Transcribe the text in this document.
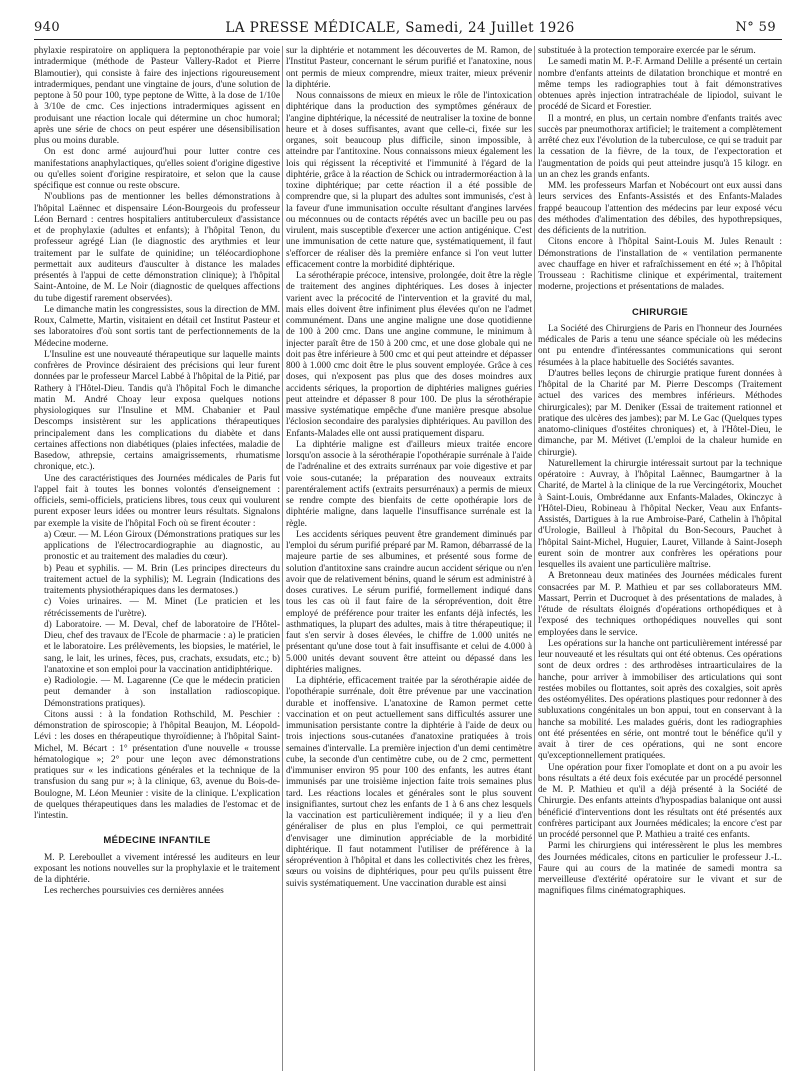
940	LA PRESSE MÉDICALE, Samedi, 24 Juillet 1926	N° 59

phylaxie respiratoire on appliquera la peptonothérapie par voie intradermique (méthode de Pasteur Vallery-Radot et Pierre Blamoutier), qui consiste à faire des injections rigoureusement intradermiques, pendant une vingtaine de jours, d'une solution de peptone à 50 pour 100, type peptone de Witte, à la dose de 1/10e à 3/10e de cmc. Ces injections intradermiques agissent en produisant une réaction locale qui détermine un choc humoral; après une série de chocs on peut espérer une désensibilisation plus ou moins durable.

On est donc armé aujourd'hui pour lutter contre ces manifestations anaphylactiques, qu'elles soient d'origine digestive ou qu'elles soient d'origine respiratoire, et selon que la cause spécifique est connue ou reste obscure.

N'oublions pas de mentionner les belles démonstrations à l'hôpital Laënnec et dispensaire Léon-Bourgeois du professeur Léon Bernard : centres hospitaliers antituberculeux d'assistance et de prophylaxie (adultes et enfants); à l'hôpital Tenon, du professeur agrégé Lian (le diagnostic des arythmies et leur traitement par le sulfate de quinidine; un téléocardiophone permettait aux auditeurs d'ausculter à distance les malades présentés à l'appui de cette démonstration clinique); à l'hôpital Saint-Antoine, de M. Le Noir (diagnostic de quelques affections du tube digestif rarement observées).

Le dimanche matin les congressistes, sous la direction de MM. Roux, Calmette, Martin, visitaient en détail cet Institut Pasteur et ses laboratoires d'où sont sortis tant de perfectionnements de la Médecine moderne.

L'Insuline est une nouveauté thérapeutique sur laquelle maints confrères de Province désiraient des précisions qui leur furent données par le professeur Marcel Labbé à l'hôpital de la Pitié, par Rathery à l'Hôtel-Dieu. Tandis qu'à l'hôpital Foch le dimanche matin M. André Choay leur exposa quelques notions physiologiques sur l'Insuline et MM. Chabanier et Paul Descomps insistèrent sur les applications thérapeutiques principalement dans les complications du diabète et dans certaines affections non diabétiques (plaies infectées, maladie de Basedow, athrepsie, certains amaigrissements, rhumatisme chronique, etc.).

Une des caractéristiques des Journées médicales de Paris fut l'appel fait à toutes les bonnes volontés d'enseignement : officiels, semi-officiels, praticiens libres, tous ceux qui voulurent purent exposer leurs idées ou montrer leurs résultats. Signalons par exemple la visite de l'hôpital Foch où se firent écouter :

a) Cœur. — M. Léon Giroux (Démonstrations pratiques sur les applications de l'électrocardiographie au diagnostic, au pronostic et au traitement des maladies du cœur).

b) Peau et syphilis. — M. Brin (Les principes directeurs du traitement actuel de la syphilis); M. Legrain (Indications des traitements physiothérapiques dans les dermatoses.)

c) Voies urinaires. — M. Minet (Le praticien et les rétrécissements de l'urètre).

d) Laboratoire. — M. Deval, chef de laboratoire de l'Hôtel-Dieu, chef des travaux de l'Ecole de pharmacie : a) le praticien et le laboratoire. Les prélèvements, les biopsies, le matériel, le sang, le lait, les urines, fèces, pus, crachats, exsudats, etc.; b) l'anatoxine et son emploi pour la vaccination antidiphtérique.

e) Radiologie. — M. Lagarenne (Ce que le médecin praticien peut demander à son installation radioscopique. Démonstrations pratiques).

Citons aussi : à la fondation Rothschild, M. Peschier : démonstration de spiroscopie; à l'hôpital Beaujon, M. Léopold-Lévi : les doses en thérapeutique thyroïdienne; à l'hôpital Saint-Michel, M. Bécart : 1° présentation d'une nouvelle « trousse hématologique »; 2° pour une leçon avec démonstrations pratiques sur « les indications générales et la technique de la transfusion du sang pur »; à la clinique, 63, avenue du Bois-de-Boulogne, M. Léon Meunier : visite de la clinique. L'explication de quelques thérapeutiques dans les maladies de l'estomac et de l'intestin.

MÉDECINE INFANTILE

M. P. Lereboullet a vivement intéressé les auditeurs en leur exposant les notions nouvelles sur la prophylaxie et le traitement de la diphtérie.

Les recherches poursuivies ces dernières années

sur la diphtérie et notamment les découvertes de M. Ramon, de l'Institut Pasteur, concernant le sérum purifié et l'anatoxine, nous ont permis de mieux comprendre, mieux traiter, mieux prévenir la diphtérie.

Nous connaissons de mieux en mieux le rôle de l'intoxication diphtérique dans la production des symptômes généraux de l'angine diphtérique, la nécessité de neutraliser la toxine de bonne heure et à doses suffisantes, avant que celle-ci, fixée sur les organes, soit beaucoup plus difficile, sinon impossible, à atteindre par l'antitoxine. Nous connaissons mieux également les lois qui régissent la réceptivité et l'immunité à l'égard de la diphtérie, grâce à la réaction de Schick ou intradermoréaction à la toxine diphtérique; par cette réaction il a été possible de comprendre que, si la plupart des adultes sont immunisés, c'est à la faveur d'une immunisation occulte résultant d'angines larvées ou méconnues ou de contacts répétés avec un bacille peu ou pas virulent, mais susceptible d'exercer une action antigénique. C'est une immunisation de cette nature que, systématiquement, il faut s'efforcer de réaliser dès la première enfance si l'on veut lutter efficacement contre la morbidité diphtérique.

La sérothérapie précoce, intensive, prolongée, doit être la règle de traitement des angines diphtériques. Les doses à injecter varient avec la précocité de l'intervention et la gravité du mal, mais elles doivent être infiniment plus élevées qu'on ne l'admet communément. Dans une angine maligne une dose quotidienne de 100 à 200 cmc. Dans une angine commune, le minimum à injecter paraît être de 150 à 200 cmc, et une dose globale qui ne doit pas être inférieure à 500 cmc et qui peut atteindre et dépasser 800 à 1.000 cmc doit être le plus souvent employée. Grâce à ces doses, qui n'exposent pas plus que des doses moindres aux accidents sériques, la proportion de diphtéries malignes guéries peut atteindre et dépasser 8 pour 100. De plus la sérothérapie massive systématique empêche d'une manière presque absolue l'éclosion secondaire des paralysies diphtériques. Au pavillon des Enfants-Malades elle ont aussi pratiquement disparu.

La diphtérie maligne est d'ailleurs mieux traitée encore lorsqu'on associe à la sérothérapie l'opothérapie surrénale à l'aide de l'adrénaline et des extraits surrénaux par voie digestive et par voie sous-cutanée; la préparation des nouveaux extraits parentéralement actifs (extraits persurrénaux) a permis de mieux se rendre compte des bienfaits de cette opothérapie lors de diphtérie maligne, dans laquelle l'insuffisance surrénale est la règle.

Les accidents sériques peuvent être grandement diminués par l'emploi du sérum purifié préparé par M. Ramon, débarrassé de la majeure partie de ses albumines, et présenté sous forme de solution d'antitoxine sans craindre aucun accident sérique ou n'en avoir que de relativement bénins, quand le sérum est administré à doses curatives. Le sérum purifié, formellement indiqué dans tous les cas où il faut faire de la séroprévention, doit être employé de préférence pour traiter les enfants déjà infectés, les asthmatiques, la plupart des adultes, mais à titre thérapeutique; il faut s'en servir à doses élevées, le chiffre de 1.000 unités ne présentant qu'une dose tout à fait insuffisante et celui de 4.000 à 5.000 unités devant souvent être atteint ou dépassé dans les diphtéries malignes.

La diphtérie, efficacement traitée par la sérothérapie aidée de l'opothérapie surrénale, doit être prévenue par une vaccination durable et inoffensive. L'anatoxine de Ramon permet cette vaccination et on peut actuellement sans difficultés assurer une immunisation persistante contre la diphtérie à l'aide de deux ou trois injections sous-cutanées d'anatoxine pratiquées à trois semaines d'intervalle. La première injection d'un demi centimètre cube, la seconde d'un centimètre cube, ou de 2 cmc, permettent d'immuniser environ 95 pour 100 des enfants, les autres étant immunisés par une troisième injection faite trois semaines plus tard. Les réactions locales et générales sont le plus souvent insignifiantes, surtout chez les enfants de 1 à 6 ans chez lesquels la vaccination est particulièrement indiquée; il y a lieu d'en généraliser de plus en plus l'emploi, ce qui permettrait d'envisager une diminution appréciable de la morbidité diphtérique. Il faut notamment l'utiliser de préférence à la séroprévention à l'hôpital et dans les collectivités chez les frères, sœurs ou voisins de diphtériques, pour peu qu'ils puissent être suivis systématiquement. Une vaccination durable est ainsi

substituée à la protection temporaire exercée par le sérum.

Le samedi matin M. P.-F. Armand Delille a présenté un certain nombre d'enfants atteints de dilatation bronchique et montré en même temps les radiographies tout à fait démonstratives obtenues après injection intratrachéale de lipiodol, suivant le procédé de Sicard et Forestier.

Il a montré, en plus, un certain nombre d'enfants traités avec succès par pneumothorax artificiel; le traitement a complètement arrêté chez eux l'évolution de la tuberculose, ce qui se traduit par la cessation de la fièvre, de la toux, de l'expectoration et l'augmentation de poids qui peut atteindre jusqu'à 15 kilogr. en un an chez les grands enfants.

MM. les professeurs Marfan et Nobécourt ont eux aussi dans leurs services des Enfants-Assistés et des Enfants-Malades frappé beaucoup l'attention des médecins par leur exposé vécu des méthodes d'alimentation des débiles, des hypothrepsiques, des déficients de la nutrition.

Citons encore à l'hôpital Saint-Louis M. Jules Renault : Démonstrations de l'installation de « ventilation permanente avec chauffage en hiver et rafraîchissement en été »; à l'hôpital Trousseau : Rachitisme clinique et expérimental, traitement moderne, projections et présentations de malades.

CHIRURGIE

La Société des Chirurgiens de Paris en l'honneur des Journées médicales de Paris a tenu une séance spéciale où les médecins ont pu entendre d'intéressantes communications qui seront résumées à la place habituelle des Sociétés savantes.

D'autres belles leçons de chirurgie pratique furent données à l'hôpital de la Charité par M. Pierre Descomps (Traitement actuel des varices des membres inférieurs. Méthodes chirurgicales); par M. Deniker (Essai de traitement rationnel et pratique des ulcères des jambes); par M. Le Gac (Quelques types anatomo-cliniques d'ostéites chroniques) et, à l'Hôtel-Dieu, le dimanche, par M. Métivet (L'emploi de la chaleur humide en chirurgie).

Naturellement la chirurgie intéressait surtout par la technique opératoire : Auvray, à l'hôpital Laënnec, Baumgartner à la Charité, de Martel à la clinique de la rue Vercingétorix, Mouchet à Saint-Louis, Ombrédanne aux Enfants-Malades, Okinczyc à l'Hôtel-Dieu, Robineau à l'hôpital Necker, Veau aux Enfants-Assistés, Dartigues à la rue Ambroise-Paré, Cathelin à l'hôpital d'Urologie, Bailleul à l'hôpital du Bon-Secours, Pauchet à l'hôpital Saint-Michel, Huguier, Lauret, Villande à Saint-Joseph eurent soin de montrer aux confrères les opérations pour lesquelles ils avaient une particulière maîtrise.

A Bretonneau deux matinées des Journées médicales furent consacrées par M. P. Mathieu et par ses collaborateurs MM. Massart, Perrin et Ducroquet à des présentations de malades, à l'étude de résultats éloignés d'opérations orthopédiques et à l'exposé des techniques orthopédiques nouvelles qui sont employées dans le service.

Les opérations sur la hanche ont particulièrement intéressé par leur nouveauté et les résultats qui ont été obtenus. Ces opérations sont de deux ordres : des arthrodèses intraarticulaires de la hanche, pour arriver à immobiliser des articulations qui sont restées mobiles ou flottantes, soit après des coxalgies, soit après des ostéomyélites. Des opérations plastiques pour redonner à des subluxations congénitales un bon appui, tout en conservant à la hanche sa mobilité. Les malades guéris, dont les radiographies ont été présentées en série, ont montré tout le bénéfice qu'il y avait à tirer de ces opérations, qui ne sont encore qu'exceptionnellement pratiquées.

Une opération pour fixer l'omoplate et dont on a pu avoir les bons résultats a été deux fois exécutée par un procédé personnel de M. P. Mathieu et qu'il a déjà présenté à la Société de Chirurgie. Des enfants atteints d'hypospadias balanique ont aussi bénéficié d'interventions dont les résultats ont été présentés aux confrères participant aux Journées médicales; la encore c'est par un procédé personnel que P. Mathieu a traité ces enfants.

Parmi les chirurgiens qui intéressèrent le plus les membres des Journées médicales, citons en particulier le professeur J.-L. Faure qui au cours de la matinée de samedi montra sa merveilleuse d'extérité opératoire sur le vivant et sur de magnifiques films cinématographiques.
